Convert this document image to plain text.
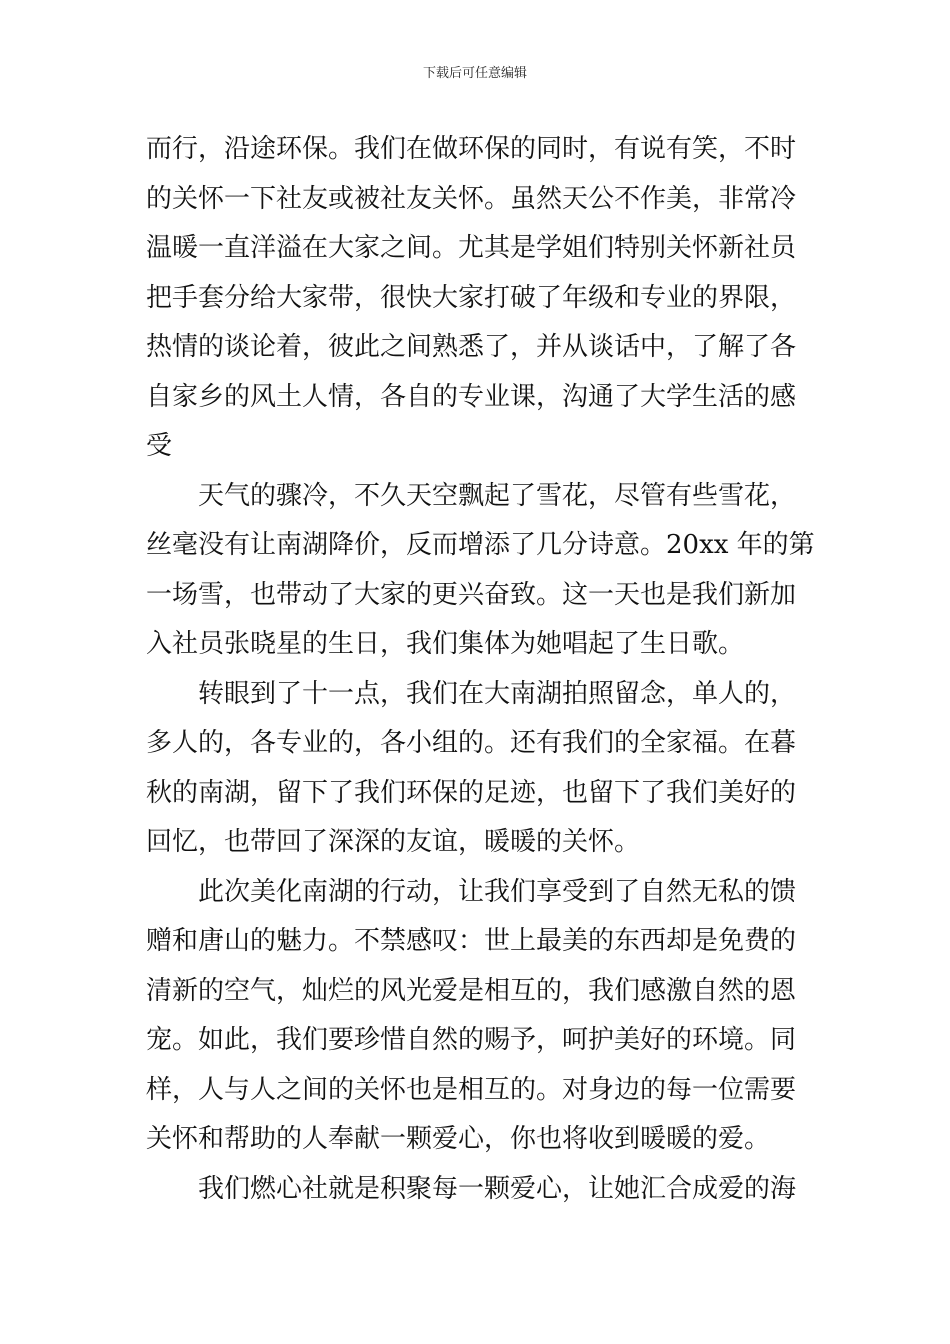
下载后可任意编辑
而行，沿途环保。我们在做环保的同时，有说有笑，不时
的关怀一下社友或被社友关怀。虽然天公不作美，非常冷
温暖一直洋溢在大家之间。尤其是学姐们特别关怀新社员
把手套分给大家带，很快大家打破了年级和专业的界限，
热情的谈论着，彼此之间熟悉了，并从谈话中，了解了各
自家乡的风土人情，各自的专业课，沟通了大学生活的感
受
天气的骤冷，不久天空飘起了雪花，尽管有些雪花，
丝毫没有让南湖降价，反而增添了几分诗意。20xx 年的第
一场雪，也带动了大家的更兴奋致。这一天也是我们新加
入社员张晓星的生日，我们集体为她唱起了生日歌。
转眼到了十一点，我们在大南湖拍照留念，单人的，
多人的，各专业的，各小组的。还有我们的全家福。在暮
秋的南湖，留下了我们环保的足迹，也留下了我们美好的
回忆，也带回了深深的友谊，暖暖的关怀。
此次美化南湖的行动，让我们享受到了自然无私的馈
赠和唐山的魅力。不禁感叹：世上最美的东西却是免费的
清新的空气，灿烂的风光爱是相互的，我们感激自然的恩
宠。如此，我们要珍惜自然的赐予，呵护美好的环境。同
样，人与人之间的关怀也是相互的。对身边的每一位需要
关怀和帮助的人奉献一颗爱心，你也将收到暖暖的爱。
我们燃心社就是积聚每一颗爱心，让她汇合成爱的海
